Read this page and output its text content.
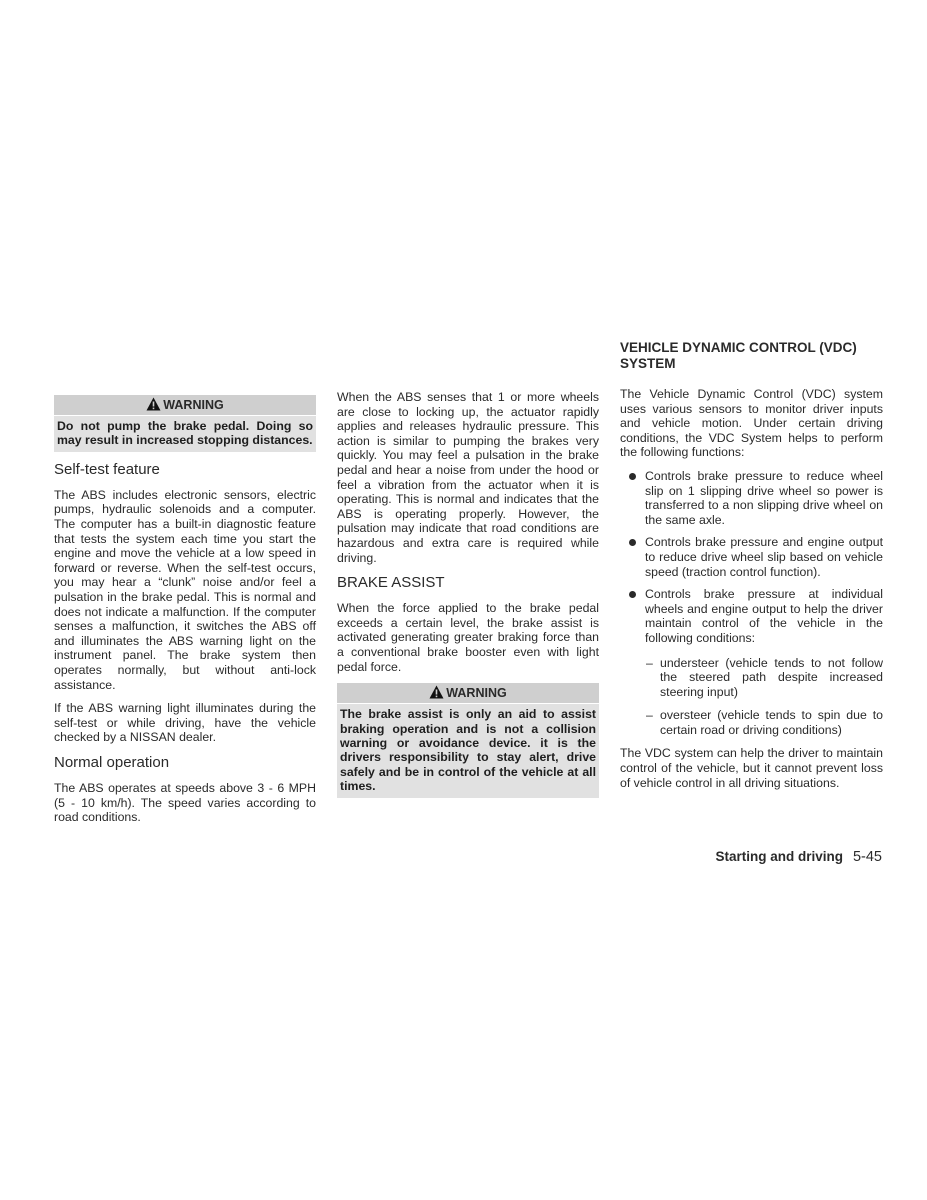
WARNING
Do not pump the brake pedal. Doing so may result in increased stopping distances.
Self-test feature

The ABS includes electronic sensors, electric pumps, hydraulic solenoids and a computer. The computer has a built-in diagnostic feature that tests the system each time you start the engine and move the vehicle at a low speed in forward or reverse. When the self-test occurs, you may hear a “clunk” noise and/or feel a pulsation in the brake pedal. This is normal and does not indicate a malfunction. If the computer senses a malfunction, it switches the ABS off and illuminates the ABS warning light on the instrument panel. The brake system then operates normally, but without anti-lock assistance.

If the ABS warning light illuminates during the self-test or while driving, have the vehicle checked by a NISSAN dealer.

Normal operation

The ABS operates at speeds above 3 - 6 MPH (5 - 10 km/h). The speed varies according to road conditions.

When the ABS senses that 1 or more wheels are close to locking up, the actuator rapidly applies and releases hydraulic pressure. This action is similar to pumping the brakes very quickly. You may feel a pulsation in the brake pedal and hear a noise from under the hood or feel a vibration from the actuator when it is operating. This is normal and indicates that the ABS is operating properly. However, the pulsation may indicate that road conditions are hazardous and extra care is required while driving.

BRAKE ASSIST

When the force applied to the brake pedal exceeds a certain level, the brake assist is activated generating greater braking force than a conventional brake booster even with light pedal force.

WARNING
The brake assist is only an aid to assist braking operation and is not a collision warning or avoidance device. it is the drivers responsibility to stay alert, drive safely and be in control of the vehicle at all times.
VEHICLE DYNAMIC CONTROL (VDC) SYSTEM

The Vehicle Dynamic Control (VDC) system uses various sensors to monitor driver inputs and vehicle motion. Under certain driving conditions, the VDC System helps to perform the following functions:

Controls brake pressure to reduce wheel slip on 1 slipping drive wheel so power is transferred to a non slipping drive wheel on the same axle.
Controls brake pressure and engine output to reduce drive wheel slip based on vehicle speed (traction control function).
Controls brake pressure at individual wheels and engine output to help the driver maintain control of the vehicle in the following conditions:
– understeer (vehicle tends to not follow the steered path despite increased steering input)
– oversteer (vehicle tends to spin due to certain road or driving conditions)

The VDC system can help the driver to maintain control of the vehicle, but it cannot prevent loss of vehicle control in all driving situations.

Starting and driving 5-45
